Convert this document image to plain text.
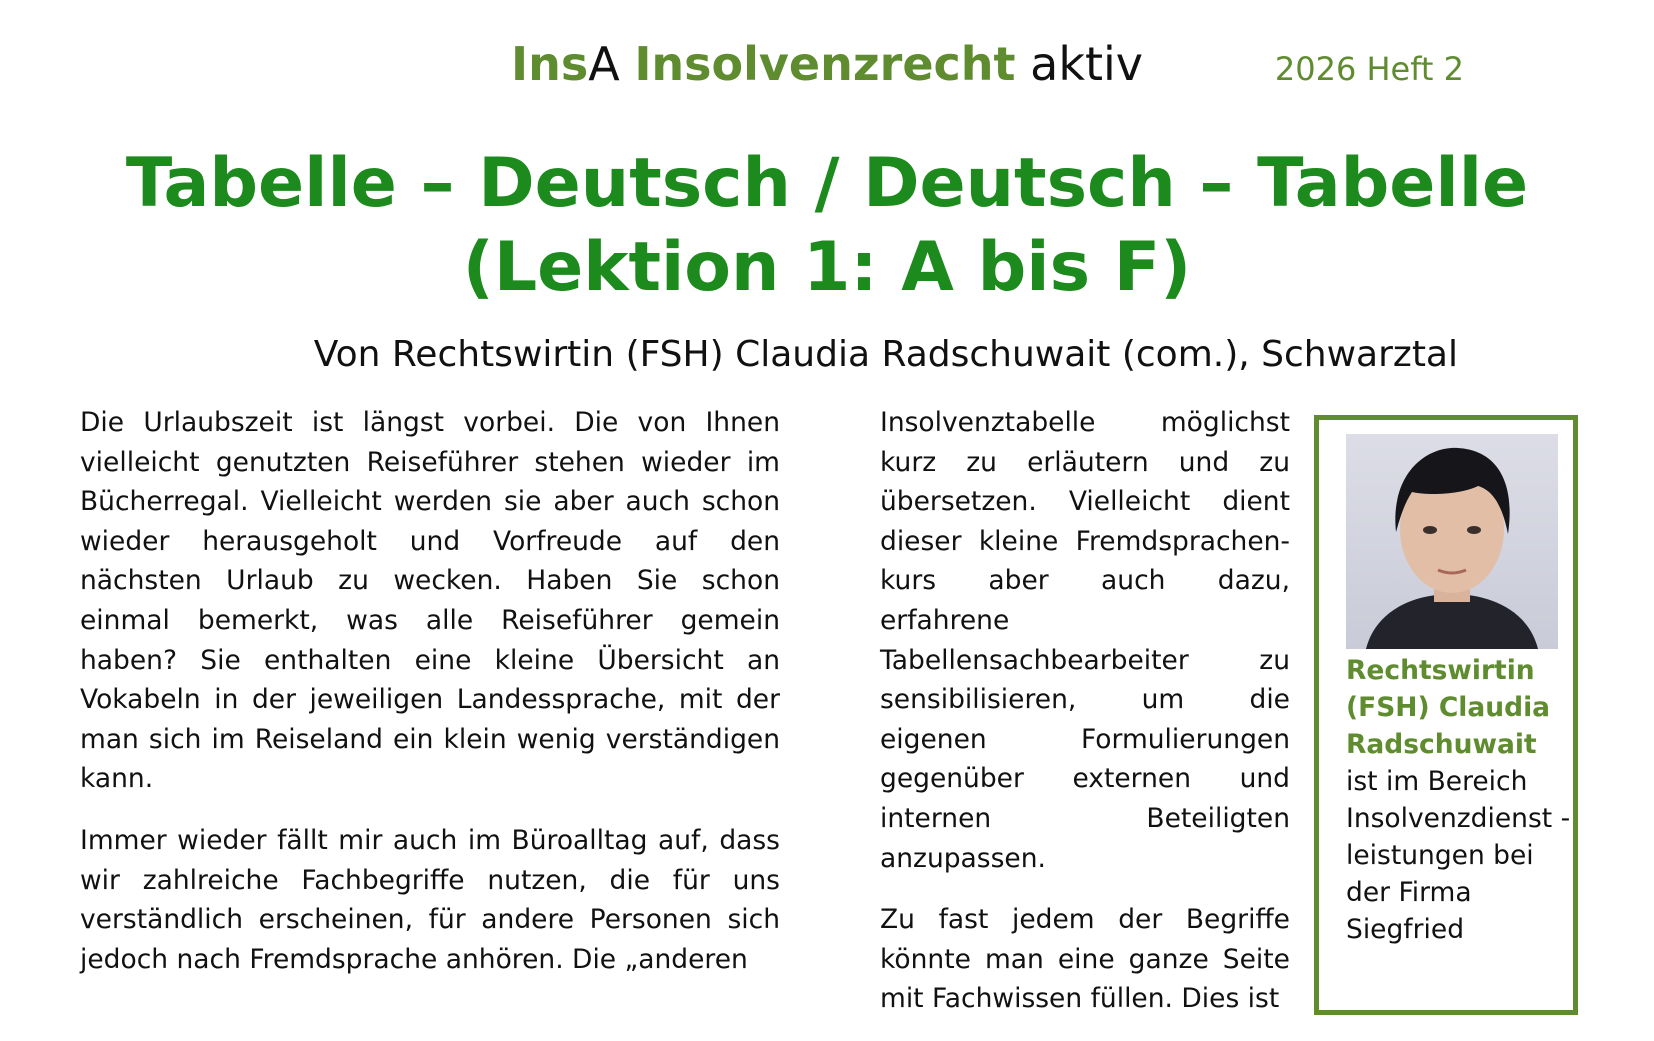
InsA Insolvenzrecht aktiv	2026 Heft 2
Tabelle – Deutsch / Deutsch – Tabelle
(Lektion 1: A bis F)
Von Rechtswirtin (FSH) Claudia Radschuwait (com.), Schwarztal

Die Urlaubszeit ist längst vorbei. Die von Ihnen vielleicht genutzten Reiseführer stehen wieder im Bücherregal. Vielleicht werden sie aber auch schon wieder herausgeholt und Vorfreude auf den nächsten Urlaub zu wecken. Haben Sie schon einmal bemerkt, was alle Reiseführer gemein haben? Sie enthalten eine kleine Übersicht an Vokabeln in der jeweiligen Landessprache, mit der man sich im Reiseland ein klein wenig verständigen kann.

Immer wieder fällt mir auch im Büroalltag auf, dass wir zahlreiche Fachbegriffe nutzen, die für uns verständlich erscheinen, für andere Personen sich jedoch nach Fremdsprache anhören. Die „anderen

Insolvenztabelle möglichst kurz zu erläutern und zu übersetzen. Vielleicht dient dieser kleine Fremdsprachen-kurs aber auch dazu, erfahrene Tabellensachbearbeiter zu sensibilisieren, um die eigenen Formulierungen gegenüber externen und internen Beteiligten anzupassen.

Zu fast jedem der Begriffe könnte man eine ganze Seite mit Fachwissen füllen. Dies ist

Rechtswirtin (FSH) Claudia Radschuwait
ist im Bereich Insolvenzdienst -leistungen bei der Firma Siegfried
